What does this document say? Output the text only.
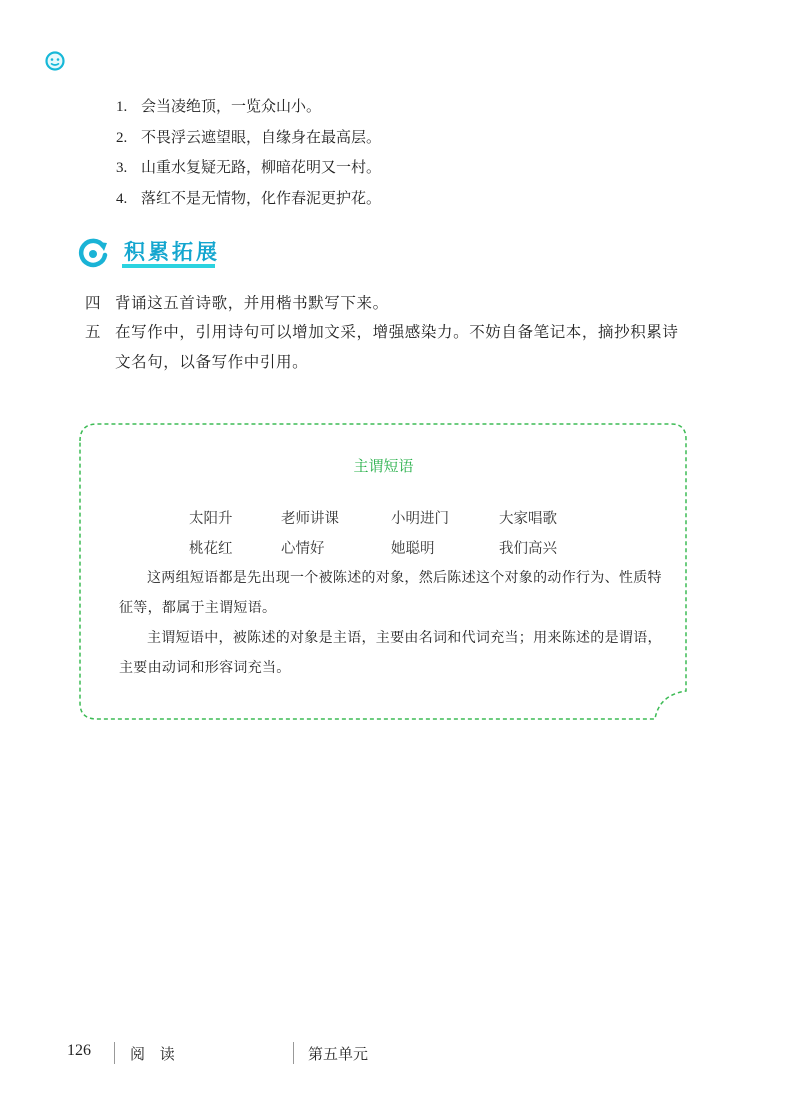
1. 会当凌绝顶，一览众山小。
2. 不畏浮云遮望眼，自缘身在最高层。
3. 山重水复疑无路，柳暗花明又一村。
4. 落红不是无情物，化作春泥更护花。
积累拓展
四 背诵这五首诗歌，并用楷书默写下来。
五 在写作中，引用诗句可以增加文采，增强感染力。不妨自备笔记本，摘抄积累诗文名句，以备写作中引用。
主谓短语
太阳升	老师讲课	小明进门	大家唱歌
桃花红	心情好	她聪明	我们高兴

这两组短语都是先出现一个被陈述的对象，然后陈述这个对象的动作行为、性质特征等，都属于主谓短语。

主谓短语中，被陈述的对象是主语，主要由名词和代词充当；用来陈述的是谓语，主要由动词和形容词充当。

126	阅 读	第五单元
